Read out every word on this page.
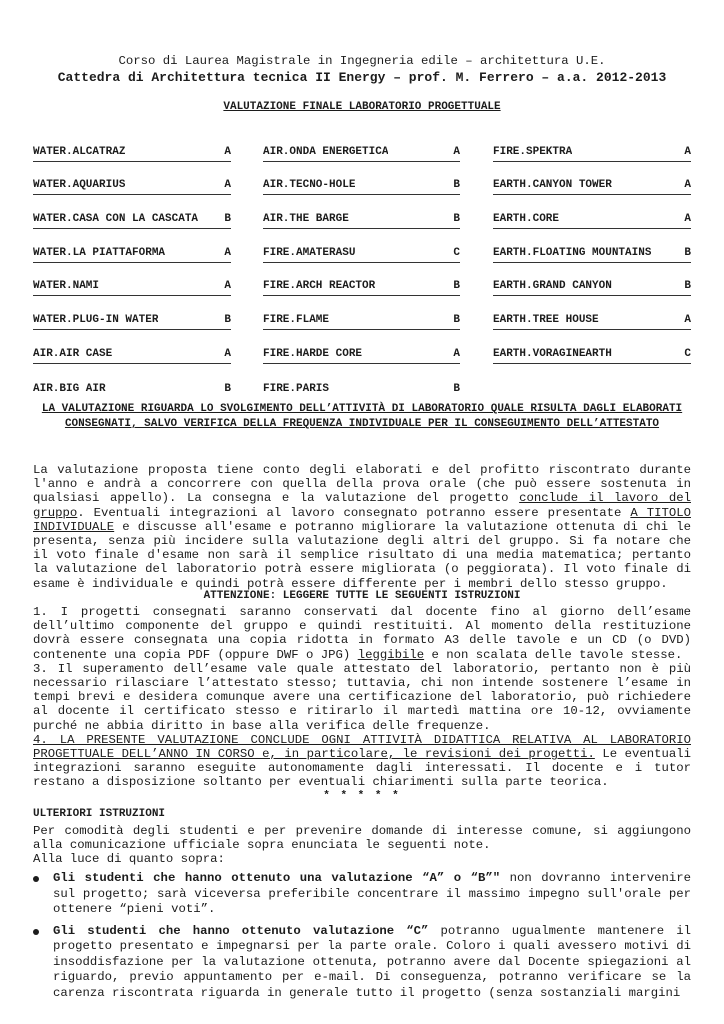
Corso di Laurea Magistrale in Ingegneria edile – architettura U.E.
Cattedra di Architettura tecnica II Energy – prof. M. Ferrero – a.a. 2012-2013
VALUTAZIONE FINALE LABORATORIO PROGETTUALE
WATER.ALCATRAZ	A
WATER.AQUARIUS	A
WATER.CASA CON LA CASCATA B
WATER.LA PIATTAFORMA	A
WATER.NAMI	A
WATER.PLUG-IN WATER	B
AIR.AIR CASE	A
AIR.BIG AIR	B
AIR.ONDA ENERGETICA	A
AIR.TECNO-HOLE	B
AIR.THE BARGE	B
FIRE.AMATERASU	C
FIRE.ARCH REACTOR	B
FIRE.FLAME	B
FIRE.HARDE CORE	A
FIRE.PARIS	B
FIRE.SPEKTRA	A
EARTH.CANYON TOWER	A
EARTH.CORE	A
EARTH.FLOATING MOUNTAINS	B
EARTH.GRAND CANYON	B
EARTH.TREE HOUSE	A
EARTH.VORAGINEARTH	C
LA VALUTAZIONE RIGUARDA LO SVOLGIMENTO DELL’ATTIVITÀ DI LABORATORIO QUALE RISULTA DAGLI ELABORATI CONSEGNATI, SALVO VERIFICA DELLA FREQUENZA INDIVIDUALE PER IL CONSEGUIMENTO DELL’ATTESTATO
La valutazione proposta tiene conto degli elaborati e del profitto riscontrato durante l'anno e andrà a concorrere con quella della prova orale (che può essere sostenuta in qualsiasi appello). La consegna e la valutazione del progetto conclude il lavoro del gruppo. Eventuali integrazioni al lavoro consegnato potranno essere presentate A TITOLO INDIVIDUALE e discusse all'esame e potranno migliorare la valutazione ottenuta di chi le presenta, senza più incidere sulla valutazione degli altri del gruppo. Si fa notare che il voto finale d'esame non sarà il semplice risultato di una media matematica; pertanto la valutazione del laboratorio potrà essere migliorata (o peggiorata). Il voto finale di esame è individuale e quindi potrà essere differente per i membri dello stesso gruppo.
ATTENZIONE: LEGGERE TUTTE LE SEGUENTI ISTRUZIONI

1. I progetti consegnati saranno conservati dal docente fino al giorno dell’esame dell’ultimo componente del gruppo e quindi restituiti. Al momento della restituzione dovrà essere consegnata una copia ridotta in formato A3 delle tavole e un CD (o DVD) contenente una copia PDF (oppure DWF o JPG) leggibile e non scalata delle tavole stesse.

3. Il superamento dell’esame vale quale attestato del laboratorio, pertanto non è più necessario rilasciare l’attestato stesso; tuttavia, chi non intende sostenere l’esame in tempi brevi e desidera comunque avere una certificazione del laboratorio, può richiedere al docente il certificato stesso e ritirarlo il martedì mattina ore 10-12, ovviamente purché ne abbia diritto in base alla verifica delle frequenze.

4. LA PRESENTE VALUTAZIONE CONCLUDE OGNI ATTIVITÀ DIDATTICA RELATIVA AL LABORATORIO PROGETTUALE DELL’ANNO IN CORSO e, in particolare, le revisioni dei progetti. Le eventuali integrazioni saranno eseguite autonomamente dagli interessati. Il docente e i tutor restano a disposizione soltanto per eventuali chiarimenti sulla parte teorica.

* * * * *
ULTERIORI ISTRUZIONI

Per comodità degli studenti e per prevenire domande di interesse comune, si aggiungono alla comunicazione ufficiale sopra enunciata le seguenti note.

Alla luce di quanto sopra:

Gli studenti che hanno ottenuto una valutazione “A” o “B”" non dovranno intervenire sul progetto; sarà viceversa preferibile concentrare il massimo impegno sull'orale per ottenere “pieni voti”.
Gli studenti che hanno ottenuto valutazione “C” potranno ugualmente mantenere il progetto presentato e impegnarsi per la parte orale. Coloro i quali avessero motivi di insoddisfazione per la valutazione ottenuta, potranno avere dal Docente spiegazioni al riguardo, previo appuntamento per e-mail. Di conseguenza, potranno verificare se la carenza riscontrata riguarda in generale tutto il progetto (senza sostanziali margini
